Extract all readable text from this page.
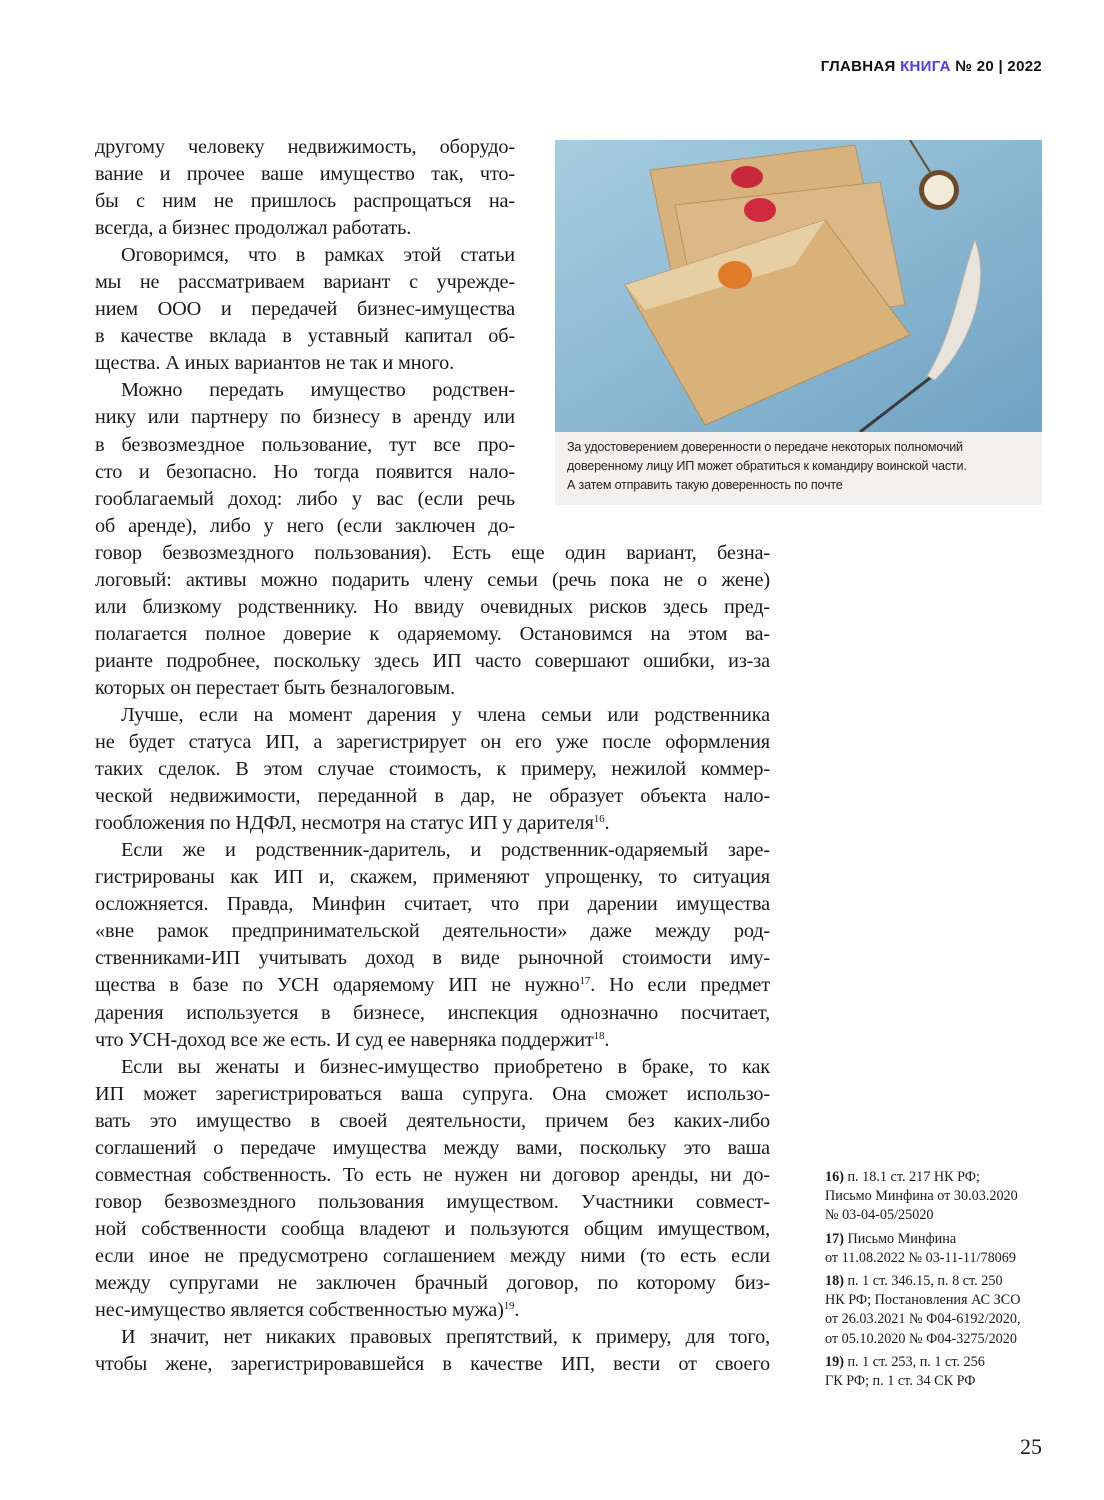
ГЛАВНАЯ КНИГА № 20 | 2022
другому человеку недвижимость, оборудо-
вание и прочее ваше имущество так, что-
бы с ним не пришлось распрощаться на-
всегда, а бизнес продолжал работать.
Оговоримся, что в рамках этой статьи
мы не рассматриваем вариант с учрежде-
нием ООО и передачей бизнес-имущества
в качестве вклада в уставный капитал об-
щества. А иных вариантов не так и много.
Можно передать имущество родствен-
нику или партнеру по бизнесу в аренду или
в безвозмездное пользование, тут все про-
сто и безопасно. Но тогда появится нало-
гооблагаемый доход: либо у вас (если речь
об аренде), либо у него (если заключен до-
говор безвозмездного пользования). Есть еще один вариант, безна-
логовый: активы можно подарить члену семьи (речь пока не о жене)
или близкому родственнику. Но ввиду очевидных рисков здесь пред-
полагается полное доверие к одаряемому. Остановимся на этом ва-
рианте подробнее, поскольку здесь ИП часто совершают ошибки, из-за
которых он перестает быть безналоговым.
Лучше, если на момент дарения у члена семьи или родственника
не будет статуса ИП, а зарегистрирует он его уже после оформления
таких сделок. В этом случае стоимость, к примеру, нежилой коммер-
ческой недвижимости, переданной в дар, не образует объекта нало-
гообложения по НДФЛ, несмотря на статус ИП у дарителя$^{16}$.
Если же и родственник-даритель, и родственник-одаряемый заре-
гистрированы как ИП и, скажем, применяют упрощенку, то ситуация
осложняется. Правда, Минфин считает, что при дарении имущества
«вне рамок предпринимательской деятельности» даже между род-
ственниками-ИП учитывать доход в виде рыночной стоимости иму-
щества в базе по УСН одаряемому ИП не нужно$^{17}$. Но если предмет
дарения используется в бизнесе, инспекция однозначно посчитает,
что УСН-доход все же есть. И суд ее наверняка поддержит$^{18}$.
Если вы женаты и бизнес-имущество приобретено в браке, то как
ИП может зарегистрироваться ваша супруга. Она сможет использо-
вать это имущество в своей деятельности, причем без каких-либо
соглашений о передаче имущества между вами, поскольку это ваша
совместная собственность. То есть не нужен ни договор аренды, ни до-
говор безвозмездного пользования имуществом. Участники совмест-
ной собственности сообща владеют и пользуются общим имуществом,
если иное не предусмотрено соглашением между ними (то есть если
между супругами не заключен брачный договор, по которому биз-
нес-имущество является собственностью мужа)$^{19}$.
И значит, нет никаких правовых препятствий, к примеру, для того,
чтобы жене, зарегистрировавшейся в качестве ИП, вести от своего
За удостоверением доверенности о передаче некоторых полномочий
доверенному лицу ИП может обратиться к командиру воинской части.
А затем отправить такую доверенность по почте
16) п. 18.1 ст. 217 НК РФ;
Письмо Минфина от 30.03.2020
№ 03-04-05/25020
17) Письмо Минфина
от 11.08.2022 № 03-11-11/78069
18) п. 1 ст. 346.15, п. 8 ст. 250
НК РФ; Постановления АС ЗСО
от 26.03.2021 № Ф04-6192/2020,
от 05.10.2020 № Ф04-3275/2020
19) п. 1 ст. 253, п. 1 ст. 256
ГК РФ; п. 1 ст. 34 СК РФ
25
